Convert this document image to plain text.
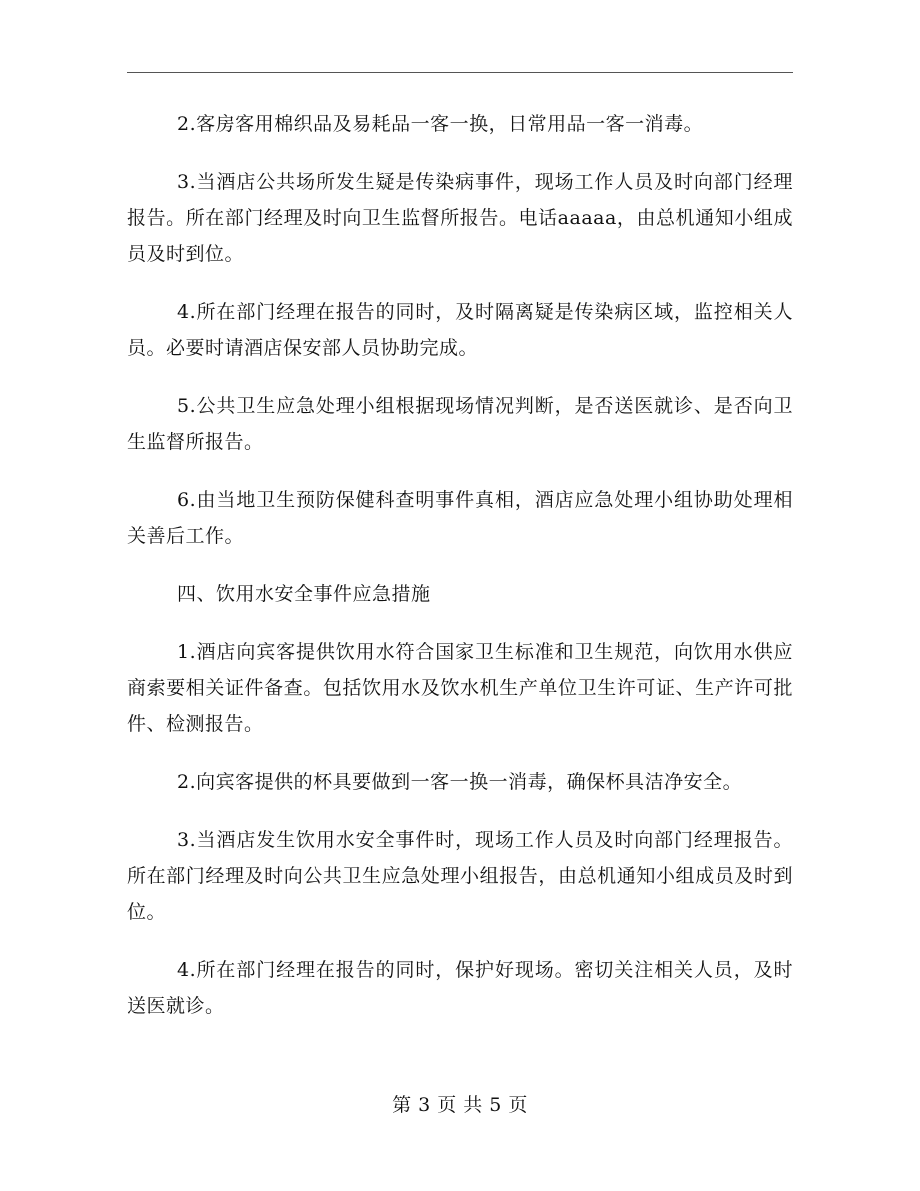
2.客房客用棉织品及易耗品一客一换，日常用品一客一消毒。

3.当酒店公共场所发生疑是传染病事件，现场工作人员及时向部门经理报告。所在部门经理及时向卫生监督所报告。电话aaaaa，由总机通知小组成员及时到位。

4.所在部门经理在报告的同时，及时隔离疑是传染病区域，监控相关人员。必要时请酒店保安部人员协助完成。

5.公共卫生应急处理小组根据现场情况判断，是否送医就诊、是否向卫生监督所报告。

6.由当地卫生预防保健科查明事件真相，酒店应急处理小组协助处理相关善后工作。

四、饮用水安全事件应急措施

1.酒店向宾客提供饮用水符合国家卫生标准和卫生规范，向饮用水供应商索要相关证件备查。包括饮用水及饮水机生产单位卫生许可证、生产许可批件、检测报告。

2.向宾客提供的杯具要做到一客一换一消毒，确保杯具洁净安全。

3.当酒店发生饮用水安全事件时，现场工作人员及时向部门经理报告。所在部门经理及时向公共卫生应急处理小组报告，由总机通知小组成员及时到位。

4.所在部门经理在报告的同时，保护好现场。密切关注相关人员，及时送医就诊。

第 3 页 共 5 页
